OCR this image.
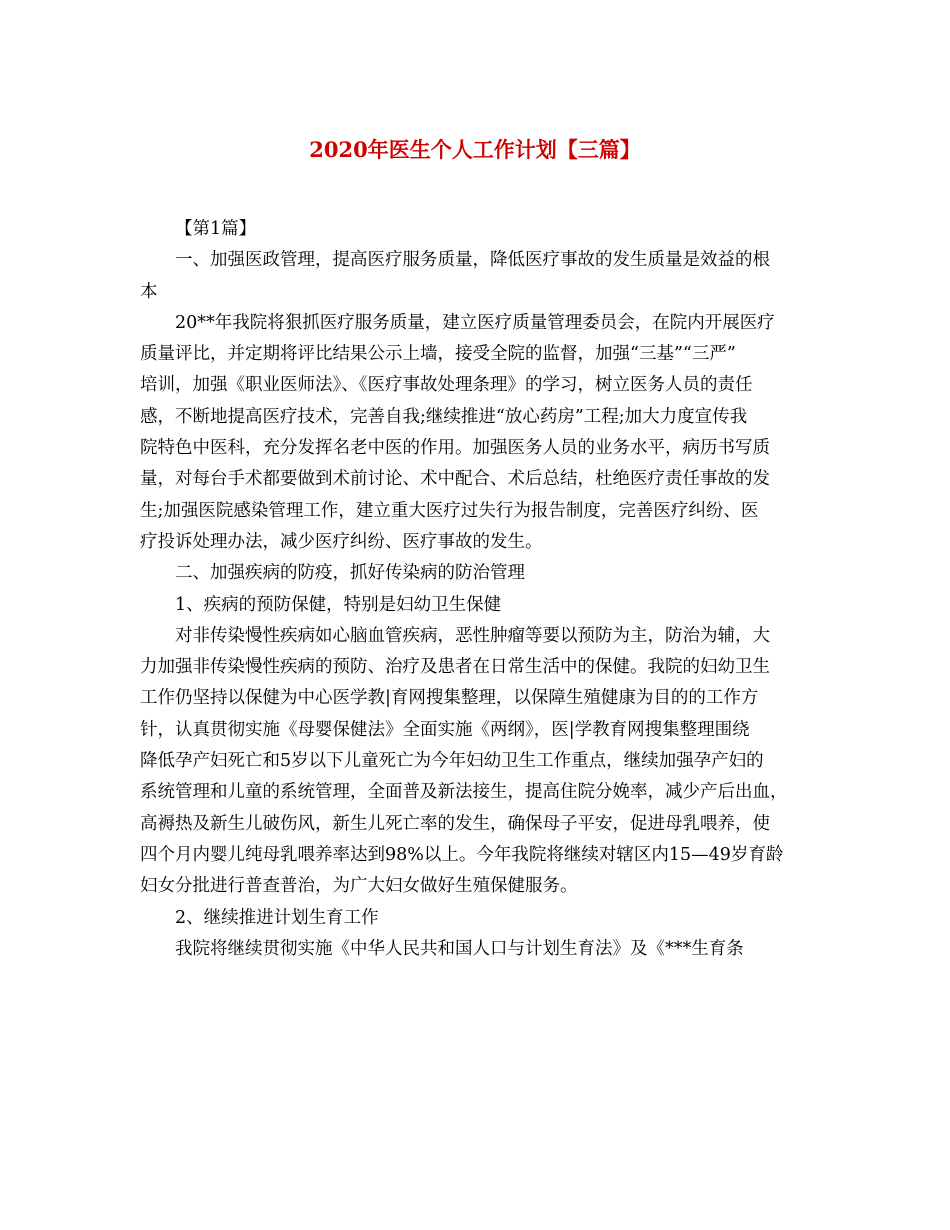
2020年医生个人工作计划【三篇】
【第1篇】
一、加强医政管理，提高医疗服务质量，降低医疗事故的发生质量是效益的根
本
20**年我院将狠抓医疗服务质量，建立医疗质量管理委员会，在院内开展医疗
质量评比，并定期将评比结果公示上墙，接受全院的监督，加强“三基”“三严”
培训，加强《职业医师法》、《医疗事故处理条理》的学习，树立医务人员的责任
感，不断地提高医疗技术，完善自我;继续推进“放心药房”工程;加大力度宣传我
院特色中医科，充分发挥名老中医的作用。加强医务人员的业务水平，病历书写质
量，对每台手术都要做到术前讨论、术中配合、术后总结，杜绝医疗责任事故的发
生;加强医院感染管理工作，建立重大医疗过失行为报告制度，完善医疗纠纷、医
疗投诉处理办法，减少医疗纠纷、医疗事故的发生。
二、加强疾病的防疫，抓好传染病的防治管理
1、疾病的预防保健，特别是妇幼卫生保健
对非传染慢性疾病如心脑血管疾病，恶性肿瘤等要以预防为主，防治为辅，大
力加强非传染慢性疾病的预防、治疗及患者在日常生活中的保健。我院的妇幼卫生
工作仍坚持以保健为中心医学教|育网搜集整理，以保障生殖健康为目的的工作方
针，认真贯彻实施《母婴保健法》全面实施《两纲》，医|学教育网搜集整理围绕
降低孕产妇死亡和5岁以下儿童死亡为今年妇幼卫生工作重点，继续加强孕产妇的
系统管理和儿童的系统管理，全面普及新法接生，提高住院分娩率，减少产后出血，
高褥热及新生儿破伤风，新生儿死亡率的发生，确保母子平安，促进母乳喂养，使
四个月内婴儿纯母乳喂养率达到98%以上。今年我院将继续对辖区内15—49岁育龄
妇女分批进行普查普治，为广大妇女做好生殖保健服务。
2、继续推进计划生育工作
我院将继续贯彻实施《中华人民共和国人口与计划生育法》及《***生育条
